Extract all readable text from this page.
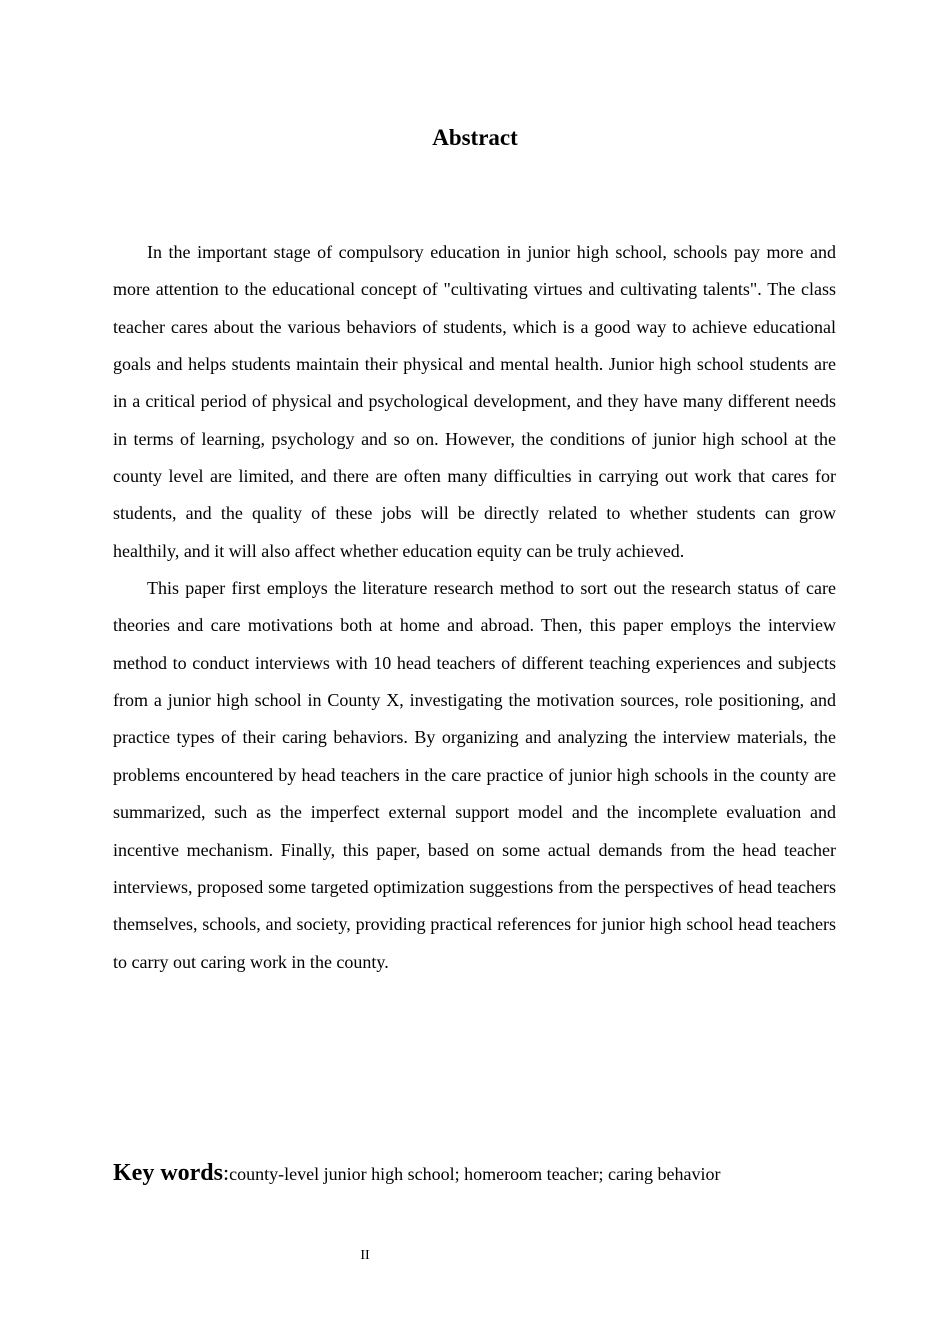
Abstract

In the important stage of compulsory education in junior high school, schools pay more and more attention to the educational concept of "cultivating virtues and cultivating talents". The class teacher cares about the various behaviors of students, which is a good way to achieve educational goals and helps students maintain their physical and mental health. Junior high school students are in a critical period of physical and psychological development, and they have many different needs in terms of learning, psychology and so on. However, the conditions of junior high school at the county level are limited, and there are often many difficulties in carrying out work that cares for students, and the quality of these jobs will be directly related to whether students can grow healthily, and it will also affect whether education equity can be truly achieved.

This paper first employs the literature research method to sort out the research status of care theories and care motivations both at home and abroad. Then, this paper employs the interview method to conduct interviews with 10 head teachers of different teaching experiences and subjects from a junior high school in County X, investigating the motivation sources, role positioning, and practice types of their caring behaviors. By organizing and analyzing the interview materials, the problems encountered by head teachers in the care practice of junior high schools in the county are summarized, such as the imperfect external support model and the incomplete evaluation and incentive mechanism. Finally, this paper, based on some actual demands from the head teacher interviews, proposed some targeted optimization suggestions from the perspectives of head teachers themselves, schools, and society, providing practical references for junior high school head teachers to carry out caring work in the county.

Key words:county-level junior high school; homeroom teacher; caring behavior
II
